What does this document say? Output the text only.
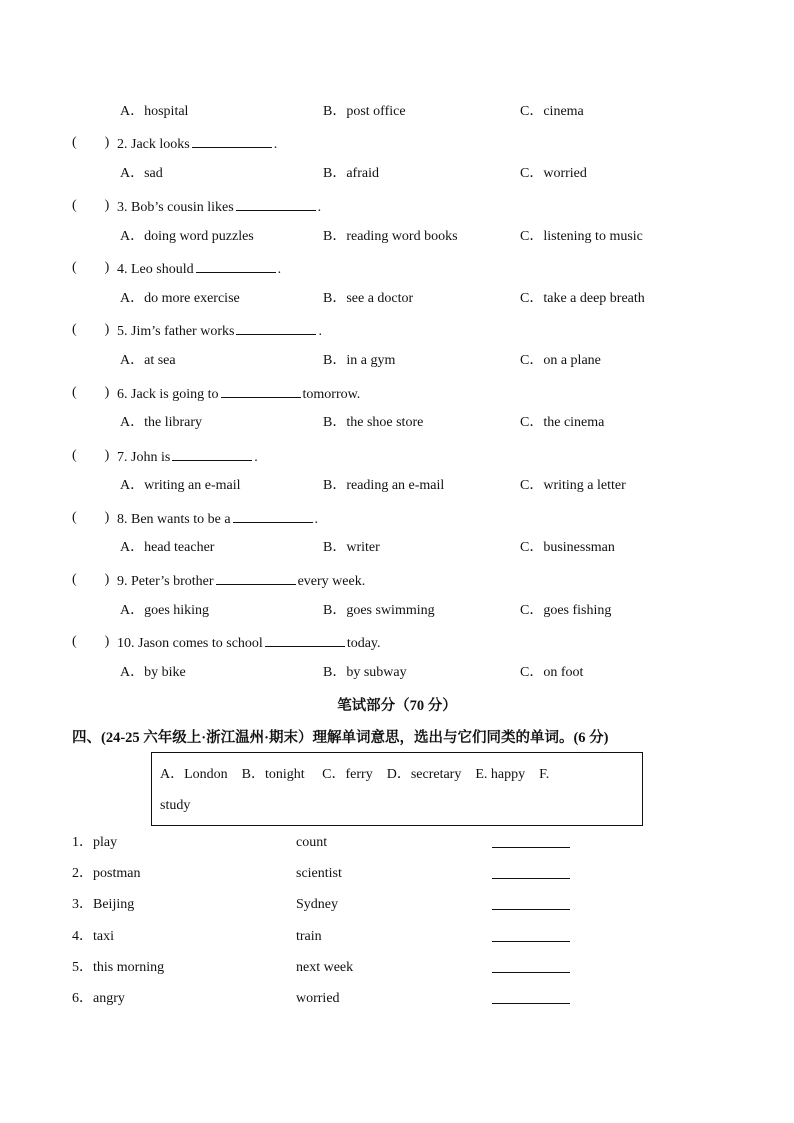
A．hospital	B．post office	C．cinema
(　　) 2. Jack looks	.
A．sad	B．afraid	C．worried
(　　) 3. Bob’s cousin likes	.
A．doing word puzzles	B．reading word books	C．listening to music
(　　) 4. Leo should	.
A．do more exercise	B．see a doctor	C．take a deep breath
(　　) 5. Jim’s father works	.
A．at sea	B．in a gym	C．on a plane
(　　) 6. Jack is going to	tomorrow.
A．the library	B．the shoe store	C．the cinema
(　　) 7. John is	.
A．writing an e-mail	B．reading an e-mail	C．writing a letter
(　　) 8. Ben wants to be a	.
A．head teacher	B．writer	C．businessman
(　　) 9. Peter’s brother	every week.
A．goes hiking	B．goes swimming	C．goes fishing
(　　) 10. Jason comes to school	today.
A．by bike	B．by subway	C．on foot
笔试部分（70 分）
四、(24-25 六年级上·浙江温州·期末）理解单词意思，选出与它们同类的单词。(6 分)
A．London　B．tonight　 C．ferry　D．secretary　E. happy　F.
study
1．play	count
2．postman	scientist
3．Beijing	Sydney
4．taxi	train
5．this morning	next week
6．angry	worried
